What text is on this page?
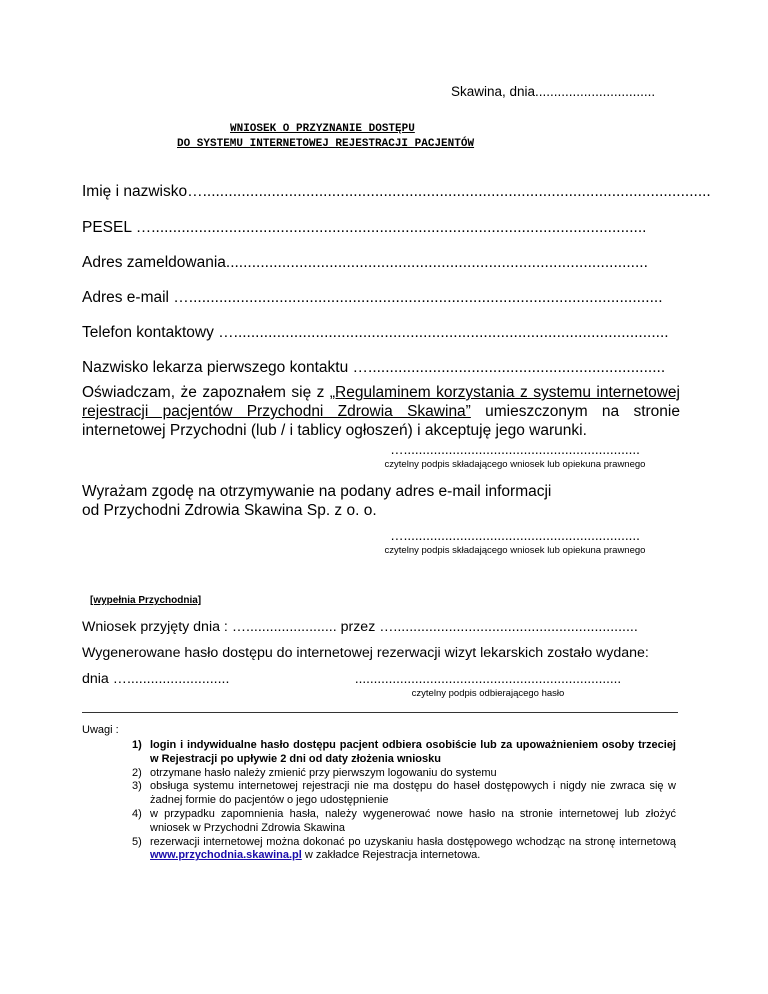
Skawina, dnia................................
WNIOSEK O PRZYZNANIE DOSTĘPU
DO SYSTEMU INTERNETOWEJ REJESTRACJI PACJENTÓW
Imię i nazwisko…......................................................................................................................
PESEL …...................................................................................................................
Adres zameldowania..................................................................................................
Adres e-mail …..............................................................................................................
Telefon kontaktowy ….....................................................................................................
Nazwisko lekarza pierwszego kontaktu ….....................................................................
Oświadczam, że zapoznałem się z „Regulaminem korzystania z systemu internetowej rejestracji pacjentów Przychodni Zdrowia Skawina” umieszczonym na stronie internetowej Przychodni (lub / i tablicy ogłoszeń) i akceptuję jego warunki.
…...............................................................
czytelny podpis składającego wniosek lub opiekuna prawnego
Wyrażam zgodę na otrzymywanie na podany adres e-mail informacji
od Przychodni Zdrowia Skawina Sp. z o. o.
…...............................................................
czytelny podpis składającego wniosek lub opiekuna prawnego
[wypełnia Przychodnia]
Wniosek przyjęty dnia : …....................... przez …..............................................................
Wygenerowane hasło dostępu do internetowej rezerwacji wizyt lekarskich zostało wydane:
dnia …..........................	.......................................................................
czytelny podpis odbierającego hasło
Uwagi :
1) login i indywidualne hasło dostępu pacjent odbiera osobiście lub za upoważnieniem osoby trzeciej w Rejestracji po upływie 2 dni od daty złożenia wniosku
2) otrzymane hasło należy zmienić przy pierwszym logowaniu do systemu
3) obsługa systemu internetowej rejestracji nie ma dostępu do haseł dostępowych i nigdy nie zwraca się w żadnej formie do pacjentów o jego udostępnienie
4) w przypadku zapomnienia hasła, należy wygenerować nowe hasło na stronie internetowej lub złożyć wniosek w Przychodni Zdrowia Skawina
5) rezerwacji internetowej można dokonać po uzyskaniu hasła dostępowego wchodząc na stronę internetową www.przychodnia.skawina.pl w zakładce Rejestracja internetowa.
